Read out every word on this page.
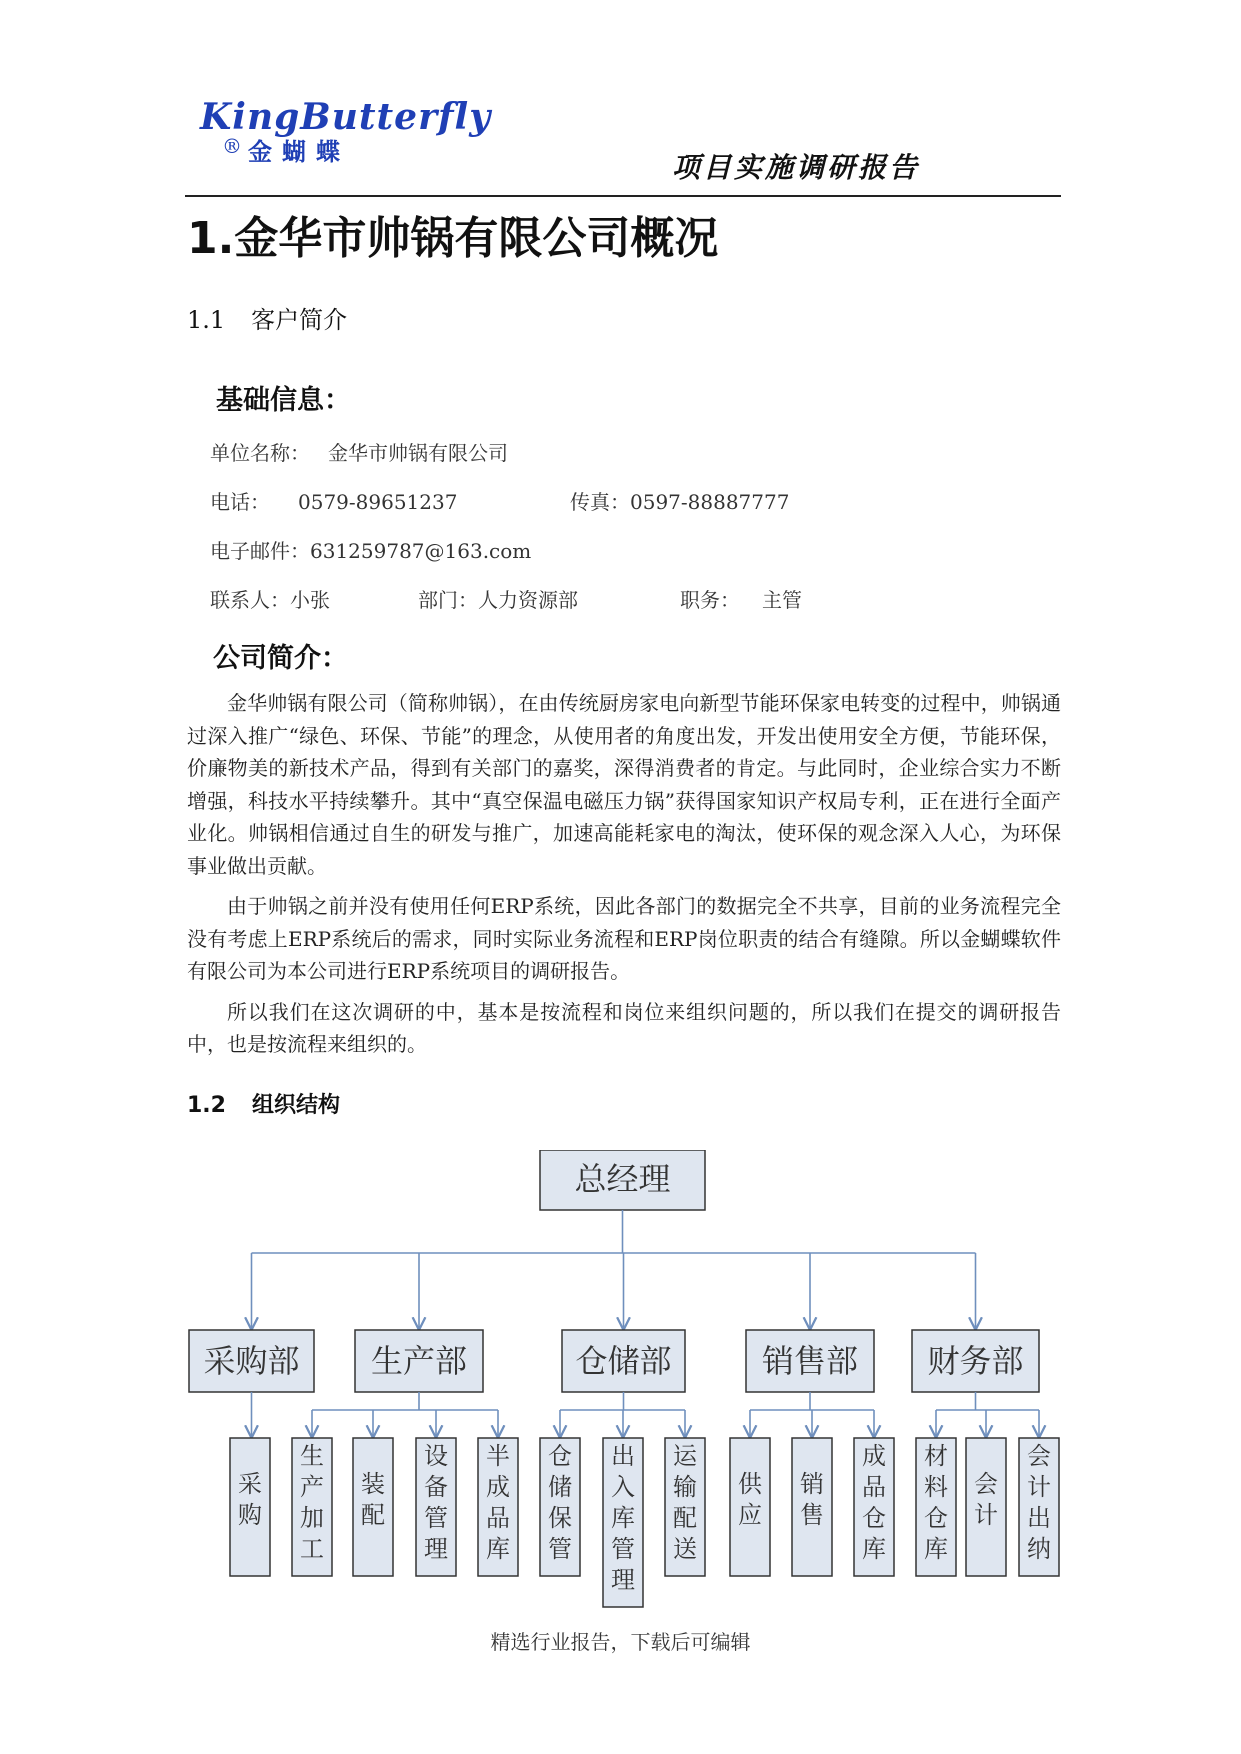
KingButterfly
® 金蝴蝶	项目实施调研报告
1.金华市帅锅有限公司概况
1.1 客户简介
基础信息：
单位名称： 金华市帅锅有限公司
电话： 0579-89651237	传真：0597-88887777
电子邮件：631259787@163.com
联系人：小张	部门：人力资源部	职务： 主管
公司简介：

金华帅锅有限公司（简称帅锅），在由传统厨房家电向新型节能环保家电转变的过程中，帅锅通过深入推广“绿色、环保、节能”的理念，从使用者的角度出发，开发出使用安全方便，节能环保，价廉物美的新技术产品，得到有关部门的嘉奖，深得消费者的肯定。与此同时，企业综合实力不断增强，科技水平持续攀升。其中“真空保温电磁压力锅”获得国家知识产权局专利，正在进行全面产业化。帅锅相信通过自生的研发与推广，加速高能耗家电的淘汰，使环保的观念深入人心，为环保事业做出贡献。

由于帅锅之前并没有使用任何ERP系统，因此各部门的数据完全不共享，目前的业务流程完全没有考虑上ERP系统后的需求，同时实际业务流程和ERP岗位职责的结合有缝隙。所以金蝴蝶软件有限公司为本公司进行ERP系统项目的调研报告。

所以我们在这次调研的中，基本是按流程和岗位来组织问题的，所以我们在提交的调研报告中，也是按流程来组织的。

1.2 组织结构
总经理
采购部
采
购
生产部
生
产
加
工
装
配
设
备
管
理
半
成
品
库
仓储部
仓
储
保
管
出
入
库
管
理
运
输
配
送
销售部
供
应
销
售
成
品
仓
库
财务部
材
料
仓
库
会
计
会
计
出
纳
精选行业报告，下载后可编辑
